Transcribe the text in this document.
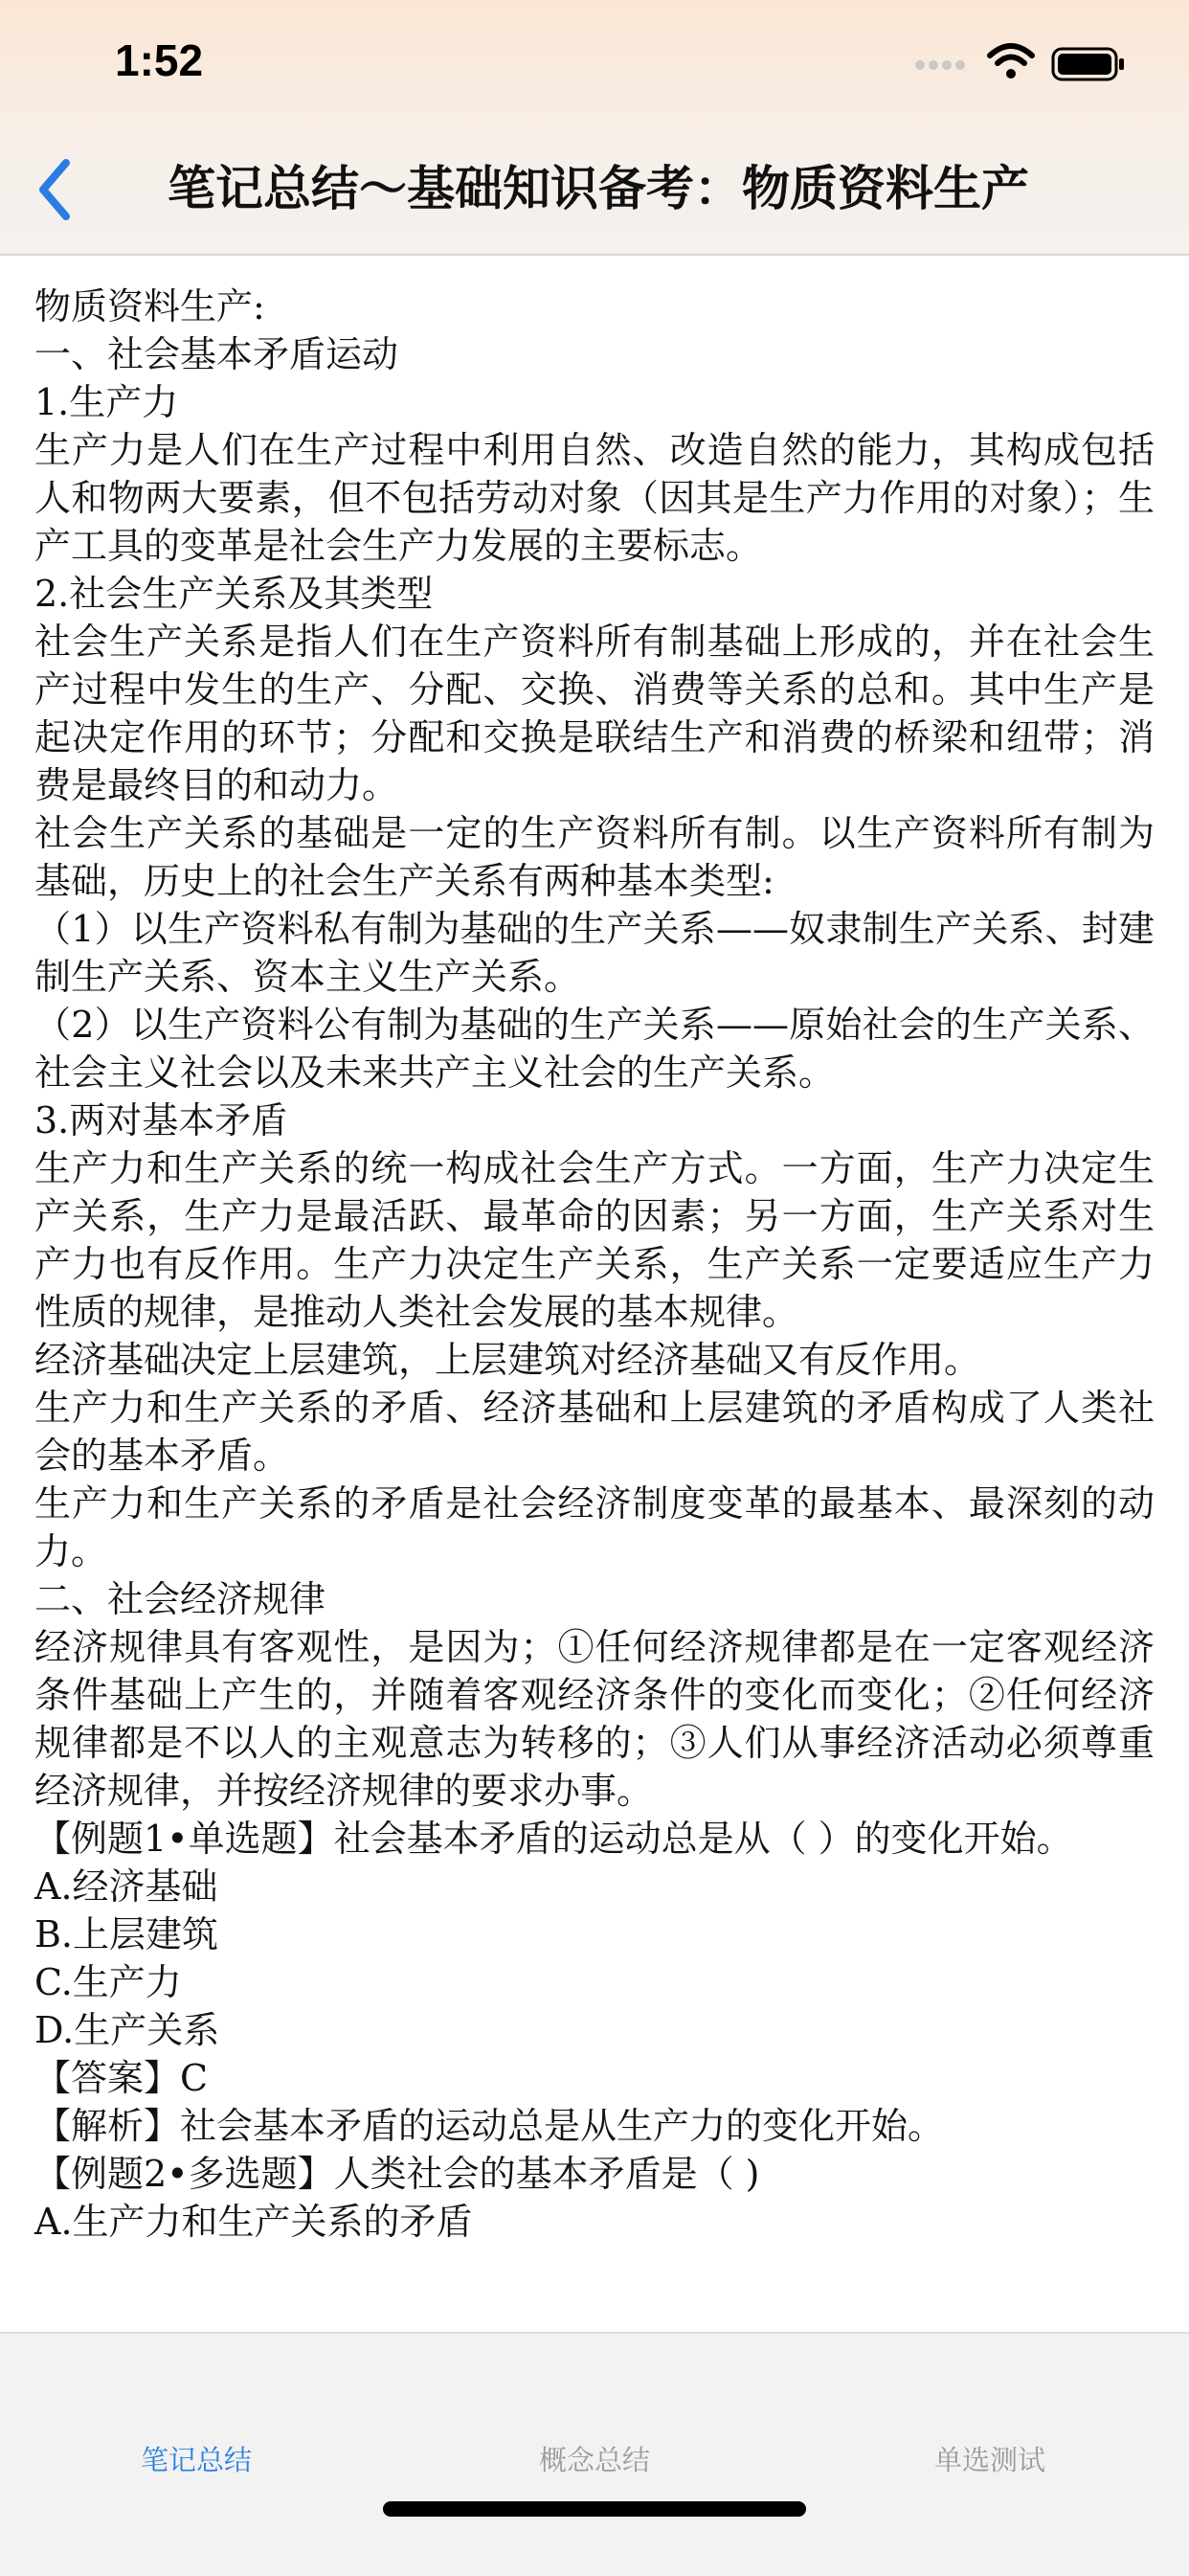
1:52
笔记总结～基础知识备考：物质资料生产
物质资料生产:
一、社会基本矛盾运动
1.生产力
生产力是人们在生产过程中利用自然、改造自然的能力，其构成包括人和物两大要素，但不包括劳动对象（因其是生产力作用的对象）；生产工具的变革是社会生产力发展的主要标志。
2.社会生产关系及其类型
社会生产关系是指人们在生产资料所有制基础上形成的，并在社会生产过程中发生的生产、分配、交换、消费等关系的总和。其中生产是起决定作用的环节；分配和交换是联结生产和消费的桥梁和纽带；消费是最终目的和动力。
社会生产关系的基础是一定的生产资料所有制。以生产资料所有制为基础，历史上的社会生产关系有两种基本类型:
（1）以生产资料私有制为基础的生产关系——奴隶制生产关系、封建制生产关系、资本主义生产关系。
（2）以生产资料公有制为基础的生产关系——原始社会的生产关系、社会主义社会以及未来共产主义社会的生产关系。
3.两对基本矛盾
生产力和生产关系的统一构成社会生产方式。一方面，生产力决定生产关系，生产力是最活跃、最革命的因素；另一方面，生产关系对生产力也有反作用。生产力决定生产关系，生产关系一定要适应生产力性质的规律，是推动人类社会发展的基本规律。
经济基础决定上层建筑，上层建筑对经济基础又有反作用。
生产力和生产关系的矛盾、经济基础和上层建筑的矛盾构成了人类社会的基本矛盾。
生产力和生产关系的矛盾是社会经济制度变革的最基本、最深刻的动力。
二、社会经济规律
经济规律具有客观性，是因为；①任何经济规律都是在一定客观经济条件基础上产生的，并随着客观经济条件的变化而变化；②任何经济规律都是不以人的主观意志为转移的；③人们从事经济活动必须尊重经济规律，并按经济规律的要求办事。
【例题1•单选题】社会基本矛盾的运动总是从（ ）的变化开始。
A.经济基础
B.上层建筑
C.生产力
D.生产关系
【答案】C
【解析】社会基本矛盾的运动总是从生产力的变化开始。
【例题2•多选题】人类社会的基本矛盾是（ )
A.生产力和生产关系的矛盾
笔记总结	概念总结	单选测试
